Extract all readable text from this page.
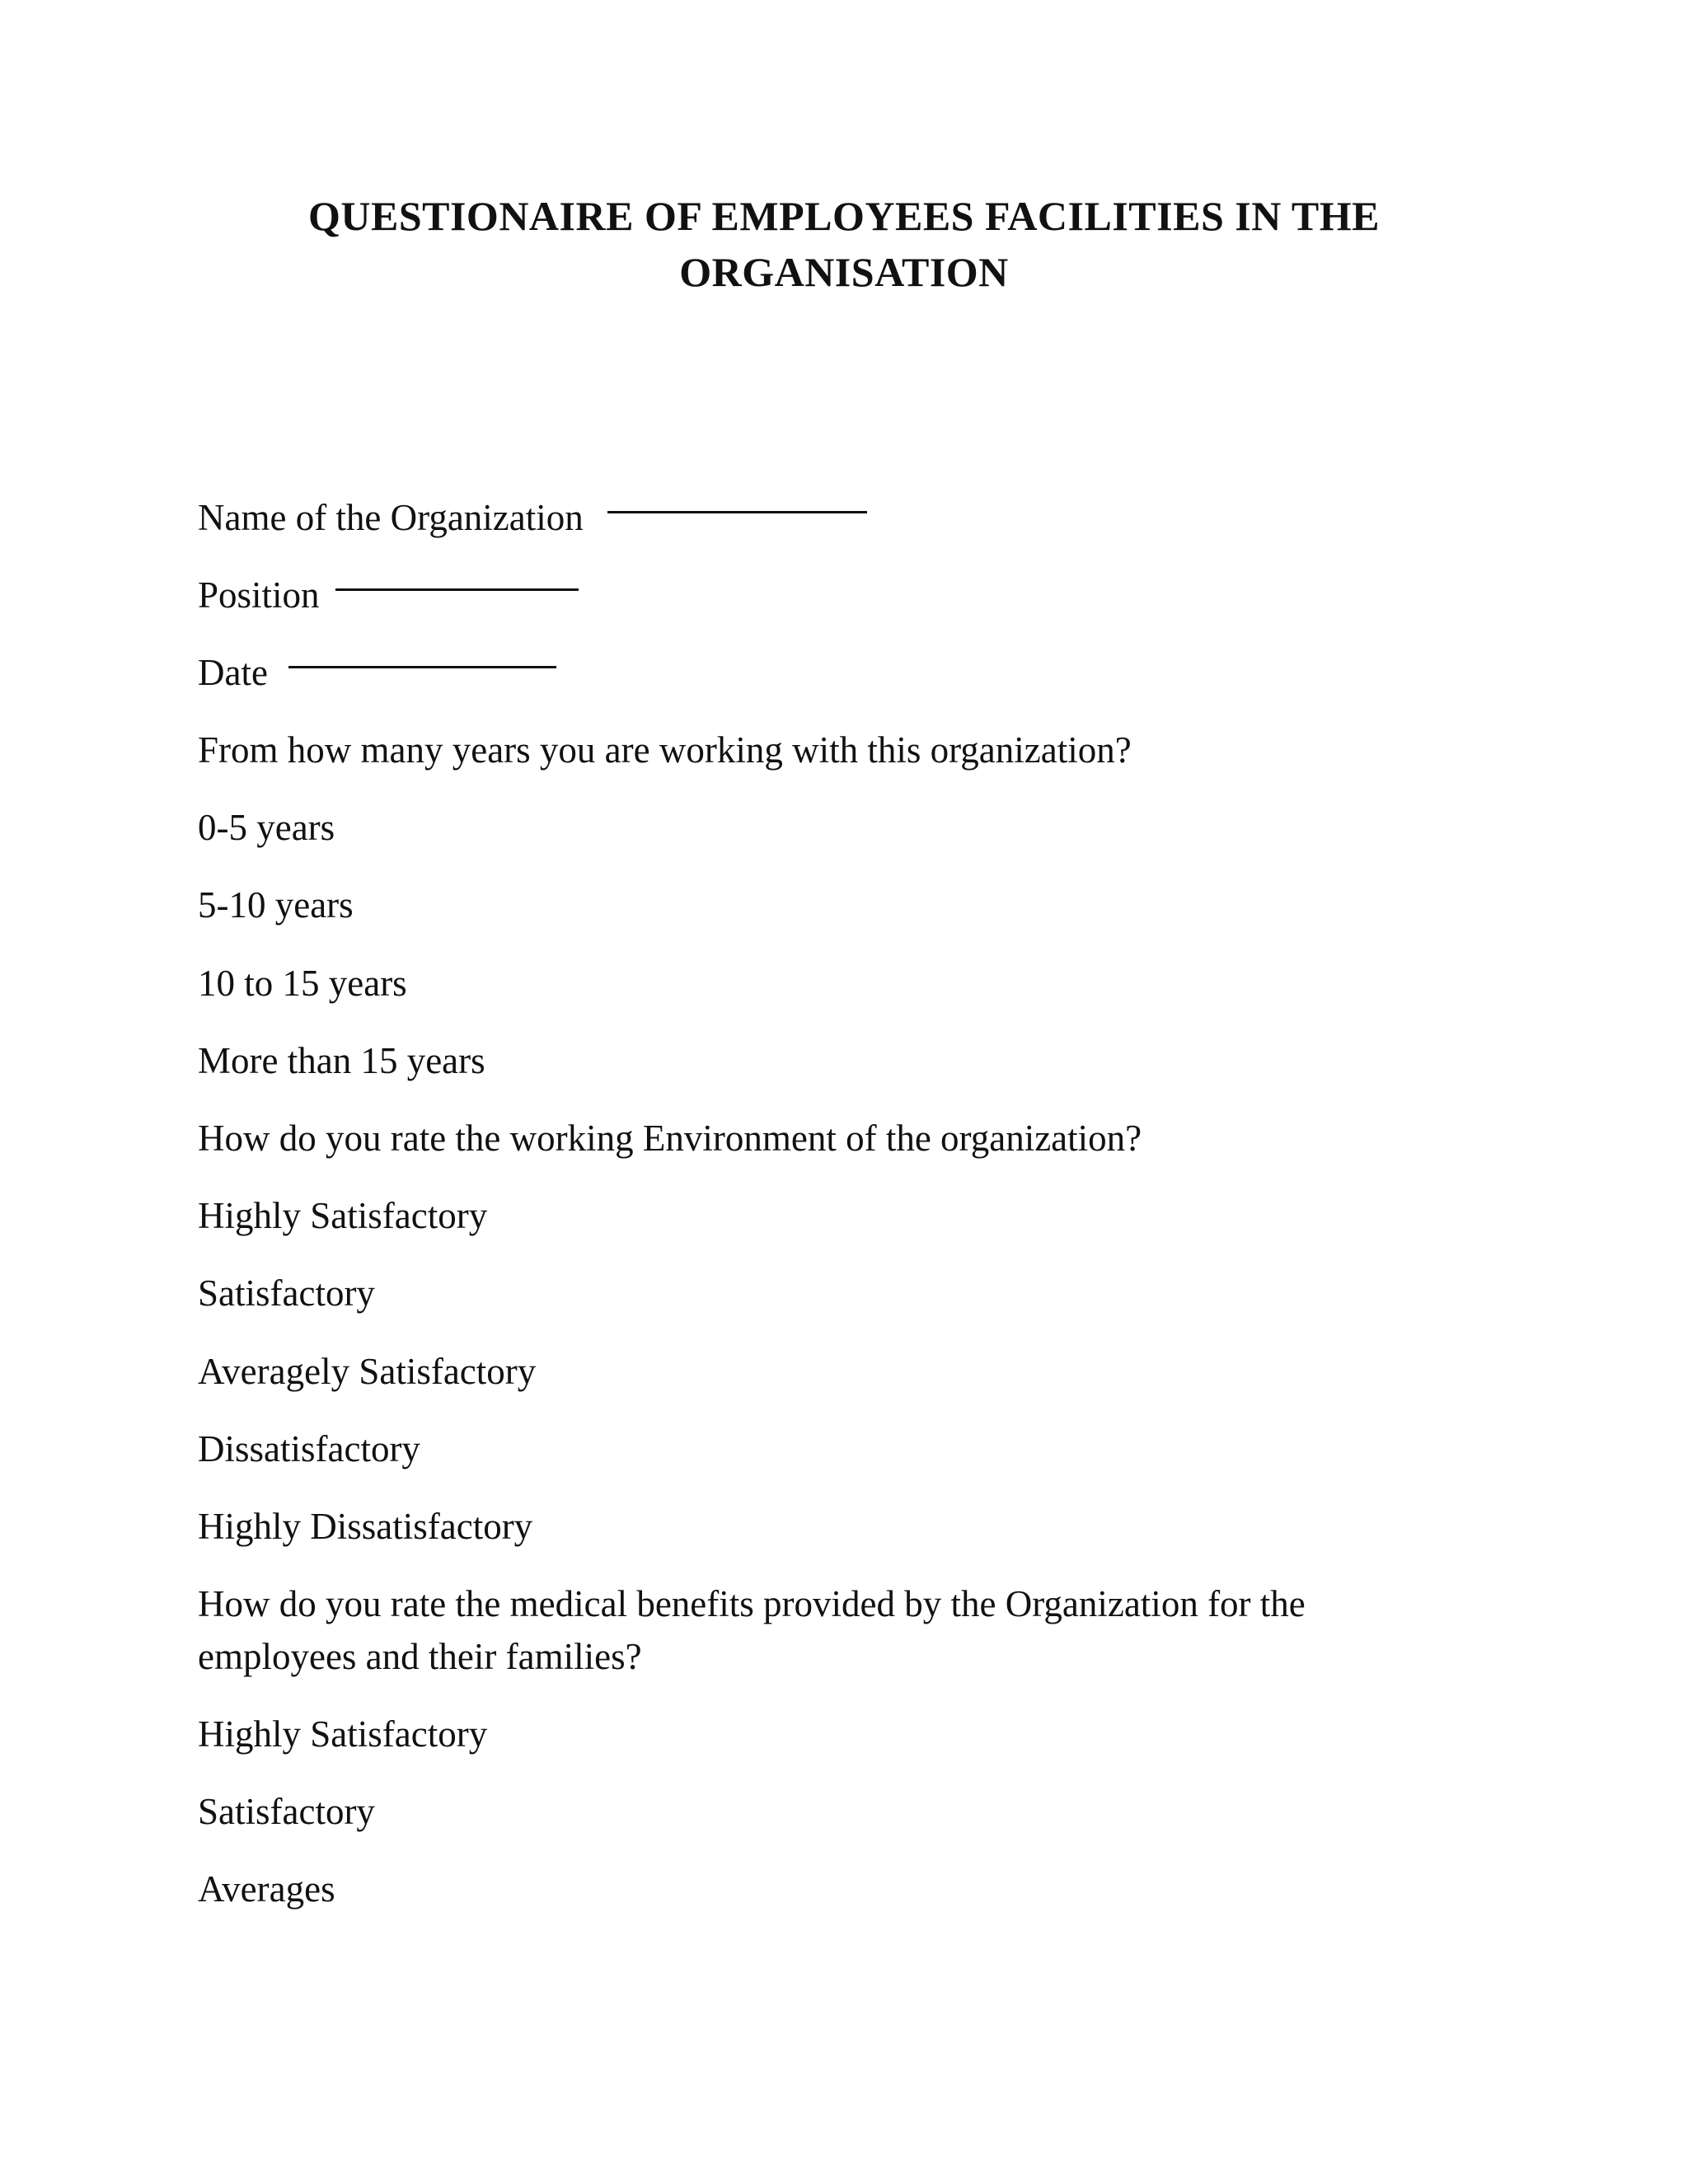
QUESTIONAIRE OF EMPLOYEES FACILITIES IN THE
ORGANISATION

Name of the Organization

Position

Date

From how many years you are working with this organization?

0-5 years

5-10 years

10 to 15 years

More than 15 years

How do you rate the working Environment of the organization?

Highly Satisfactory

Satisfactory

Averagely Satisfactory

Dissatisfactory

Highly Dissatisfactory

How do you rate the medical benefits provided by the Organization for the

employees and their families?

Highly Satisfactory

Satisfactory

Averages
